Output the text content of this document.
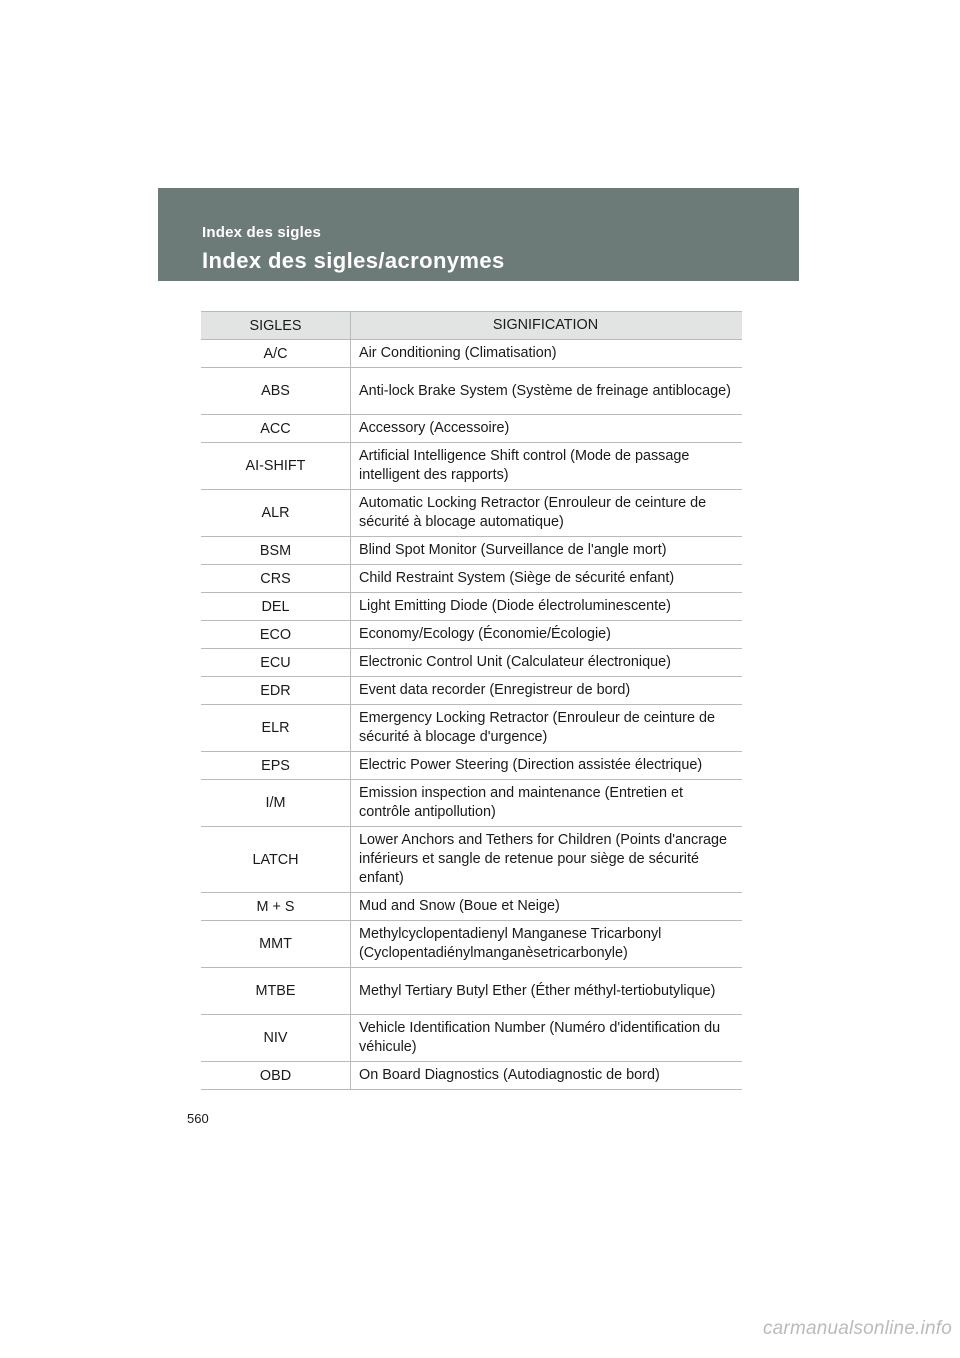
Index des sigles
Index des sigles/acronymes
SIGLES	SIGNIFICATION
A/C	Air Conditioning (Climatisation)
ABS	Anti-lock Brake System (Système de freinage antiblocage)
ACC	Accessory (Accessoire)
AI-SHIFT	Artificial Intelligence Shift control (Mode de passage intelligent des rapports)
ALR	Automatic Locking Retractor (Enrouleur de ceinture de sécurité à blocage automatique)
BSM	Blind Spot Monitor (Surveillance de l'angle mort)
CRS	Child Restraint System (Siège de sécurité enfant)
DEL	Light Emitting Diode (Diode électroluminescente)
ECO	Economy/Ecology (Économie/Écologie)
ECU	Electronic Control Unit (Calculateur électronique)
EDR	Event data recorder (Enregistreur de bord)
ELR	Emergency Locking Retractor (Enrouleur de ceinture de sécurité à blocage d'urgence)
EPS	Electric Power Steering (Direction assistée électrique)
I/M	Emission inspection and maintenance (Entretien et contrôle antipollution)
LATCH	Lower Anchors and Tethers for Children (Points d'ancrage inférieurs et sangle de retenue pour siège de sécurité enfant)
M + S	Mud and Snow (Boue et Neige)
MMT	Methylcyclopentadienyl Manganese Tricarbonyl (Cyclopentadiénylmanganèsetricarbonyle)
MTBE	Methyl Tertiary Butyl Ether (Éther méthyl-tertiobutylique)
NIV	Vehicle Identification Number (Numéro d'identification du véhicule)
OBD	On Board Diagnostics (Autodiagnostic de bord)
560
carmanualsonline.info
